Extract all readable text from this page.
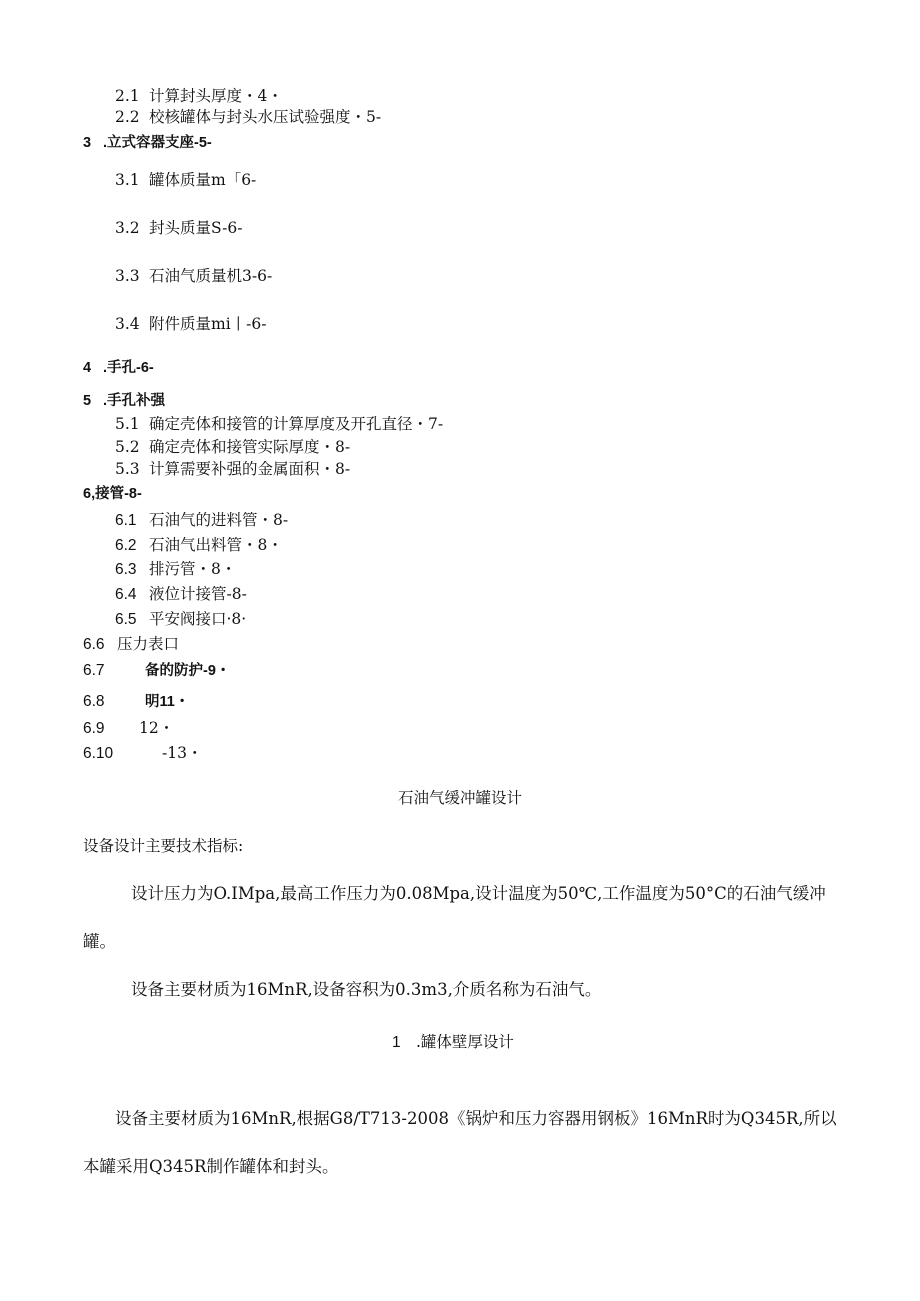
2.1 计算封头厚度・4・
2.2 校核罐体与封头水压试验强度・5-
3 .立式容器支座-5-
3.1 罐体质量m「6-
3.2 封头质量S-6-
3.3 石油气质量机3-6-
3.4 附件质量mi丨-6-
4 .手孔-6-
5 .手孔补强
5.1 确定壳体和接管的计算厚度及开孔直径・7-
5.2 确定壳体和接管实际厚度・8-
5.3 计算需要补强的金属面积・8-
6,接管-8-
6.1 石油气的进料管・8-
6.2 石油气出料管・8・
6.3 排污管・8・
6.4 液位计接管-8-
6.5 平安阀接口·8·
6.6 压力表口
6.7	备的防护-9・
6.8	明11・
6.9 12・
6.10	-13・
石油气缓冲罐设计
设备设计主要技术指标:
设计压力为O.IMpa,最高工作压力为0.08Mpa,设计温度为50℃,工作温度为50°C的石油气缓冲
罐。
设备主要材质为16MnR,设备容积为0.3m3,介质名称为石油气。
1 .罐体壁厚设计
设备主要材质为16MnR,根据G8∕T713-2008《锅炉和压力容器用钢板》16MnR时为Q345R,所以
本罐采用Q345R制作罐体和封头。
